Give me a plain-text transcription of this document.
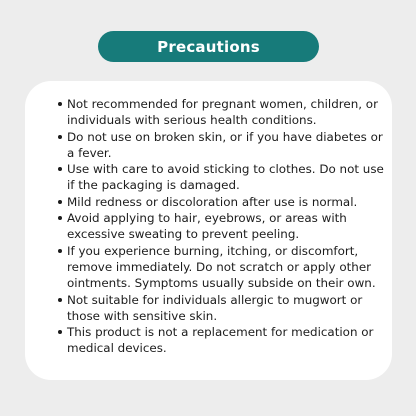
Precautions
Not recommended for pregnant women, children, or individuals with serious health conditions.
Do not use on broken skin, or if you have diabetes or a fever.
Use with care to avoid sticking to clothes. Do not use if the packaging is damaged.
Mild redness or discoloration after use is normal.
Avoid applying to hair, eyebrows, or areas with excessive sweating to prevent peeling.
If you experience burning, itching, or discomfort, remove immediately. Do not scratch or apply other ointments. Symptoms usually subside on their own.
Not suitable for individuals allergic to mugwort or those with sensitive skin.
This product is not a replacement for medication or medical devices.
